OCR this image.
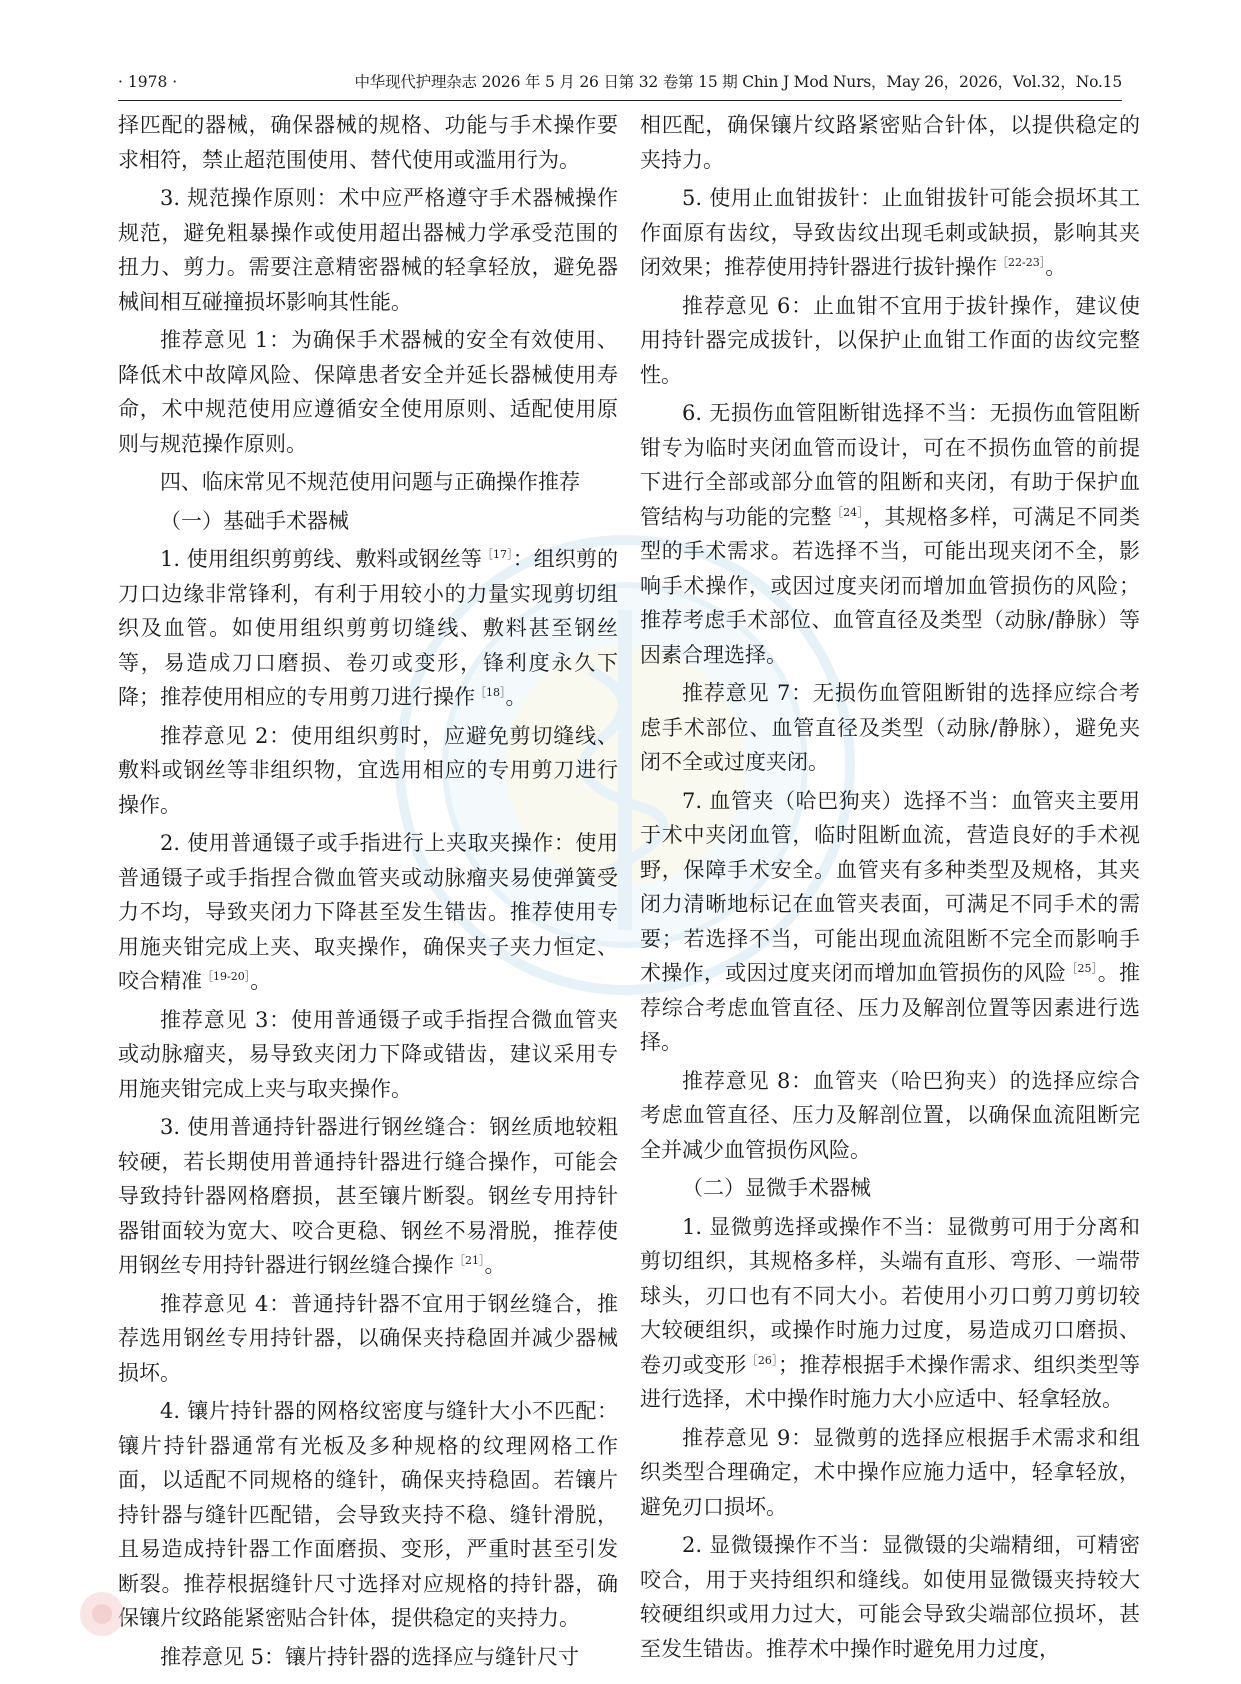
· 1978 ·	中华现代护理杂志 2026 年 5 月 26 日第 32 卷第 15 期 Chin J Mod Nurs，May 26，2026，Vol.32，No.15

择匹配的器械，确保器械的规格、功能与手术操作要求相符，禁止超范围使用、替代使用或滥用行为。

3. 规范操作原则：术中应严格遵守手术器械操作规范，避免粗暴操作或使用超出器械力学承受范围的扭力、剪力。需要注意精密器械的轻拿轻放，避免器械间相互碰撞损坏影响其性能。

推荐意见 1：为确保手术器械的安全有效使用、降低术中故障风险、保障患者安全并延长器械使用寿命，术中规范使用应遵循安全使用原则、适配使用原则与规范操作原则。

四、临床常见不规范使用问题与正确操作推荐

（一）基础手术器械

1. 使用组织剪剪线、敷料或钢丝等$^{[17]}$：组织剪的刀口边缘非常锋利，有利于用较小的力量实现剪切组织及血管。如使用组织剪剪切缝线、敷料甚至钢丝等，易造成刀口磨损、卷刃或变形，锋利度永久下降；推荐使用相应的专用剪刀进行操作$^{[18]}$。

推荐意见 2：使用组织剪时，应避免剪切缝线、敷料或钢丝等非组织物，宜选用相应的专用剪刀进行操作。

2. 使用普通镊子或手指进行上夹取夹操作：使用普通镊子或手指捏合微血管夹或动脉瘤夹易使弹簧受力不均，导致夹闭力下降甚至发生错齿。推荐使用专用施夹钳完成上夹、取夹操作，确保夹子夹力恒定、咬合精准$^{[19-20]}$。

推荐意见 3：使用普通镊子或手指捏合微血管夹或动脉瘤夹，易导致夹闭力下降或错齿，建议采用专用施夹钳完成上夹与取夹操作。

3. 使用普通持针器进行钢丝缝合：钢丝质地较粗较硬，若长期使用普通持针器进行缝合操作，可能会导致持针器网格磨损，甚至镶片断裂。钢丝专用持针器钳面较为宽大、咬合更稳、钢丝不易滑脱，推荐使用钢丝专用持针器进行钢丝缝合操作$^{[21]}$。

推荐意见 4：普通持针器不宜用于钢丝缝合，推荐选用钢丝专用持针器，以确保夹持稳固并减少器械损坏。

4. 镶片持针器的网格纹密度与缝针大小不匹配：镶片持针器通常有光板及多种规格的纹理网格工作面，以适配不同规格的缝针，确保夹持稳固。若镶片持针器与缝针匹配错，会导致夹持不稳、缝针滑脱，且易造成持针器工作面磨损、变形，严重时甚至引发断裂。推荐根据缝针尺寸选择对应规格的持针器，确保镶片纹路能紧密贴合针体，提供稳定的夹持力。

推荐意见 5：镶片持针器的选择应与缝针尺寸

相匹配，确保镶片纹路紧密贴合针体，以提供稳定的夹持力。

5. 使用止血钳拔针：止血钳拔针可能会损坏其工作面原有齿纹，导致齿纹出现毛刺或缺损，影响其夹闭效果；推荐使用持针器进行拔针操作$^{[22-23]}$。

推荐意见 6：止血钳不宜用于拔针操作，建议使用持针器完成拔针，以保护止血钳工作面的齿纹完整性。

6. 无损伤血管阻断钳选择不当：无损伤血管阻断钳专为临时夹闭血管而设计，可在不损伤血管的前提下进行全部或部分血管的阻断和夹闭，有助于保护血管结构与功能的完整$^{[24]}$，其规格多样，可满足不同类型的手术需求。若选择不当，可能出现夹闭不全，影响手术操作，或因过度夹闭而增加血管损伤的风险；推荐考虑手术部位、血管直径及类型（动脉/静脉）等因素合理选择。

推荐意见 7：无损伤血管阻断钳的选择应综合考虑手术部位、血管直径及类型（动脉/静脉），避免夹闭不全或过度夹闭。

7. 血管夹（哈巴狗夹）选择不当：血管夹主要用于术中夹闭血管，临时阻断血流，营造良好的手术视野，保障手术安全。血管夹有多种类型及规格，其夹闭力清晰地标记在血管夹表面，可满足不同手术的需要；若选择不当，可能出现血流阻断不完全而影响手术操作，或因过度夹闭而增加血管损伤的风险$^{[25]}$。推荐综合考虑血管直径、压力及解剖位置等因素进行选择。

推荐意见 8：血管夹（哈巴狗夹）的选择应综合考虑血管直径、压力及解剖位置，以确保血流阻断完全并减少血管损伤风险。

（二）显微手术器械

1. 显微剪选择或操作不当：显微剪可用于分离和剪切组织，其规格多样，头端有直形、弯形、一端带球头，刃口也有不同大小。若使用小刃口剪刀剪切较大较硬组织，或操作时施力过度，易造成刃口磨损、卷刃或变形$^{[26]}$；推荐根据手术操作需求、组织类型等进行选择，术中操作时施力大小应适中、轻拿轻放。

推荐意见 9：显微剪的选择应根据手术需求和组织类型合理确定，术中操作应施力适中，轻拿轻放，避免刃口损坏。

2. 显微镊操作不当：显微镊的尖端精细，可精密咬合，用于夹持组织和缝线。如使用显微镊夹持较大较硬组织或用力过大，可能会导致尖端部位损坏，甚至发生错齿。推荐术中操作时避免用力过度，
